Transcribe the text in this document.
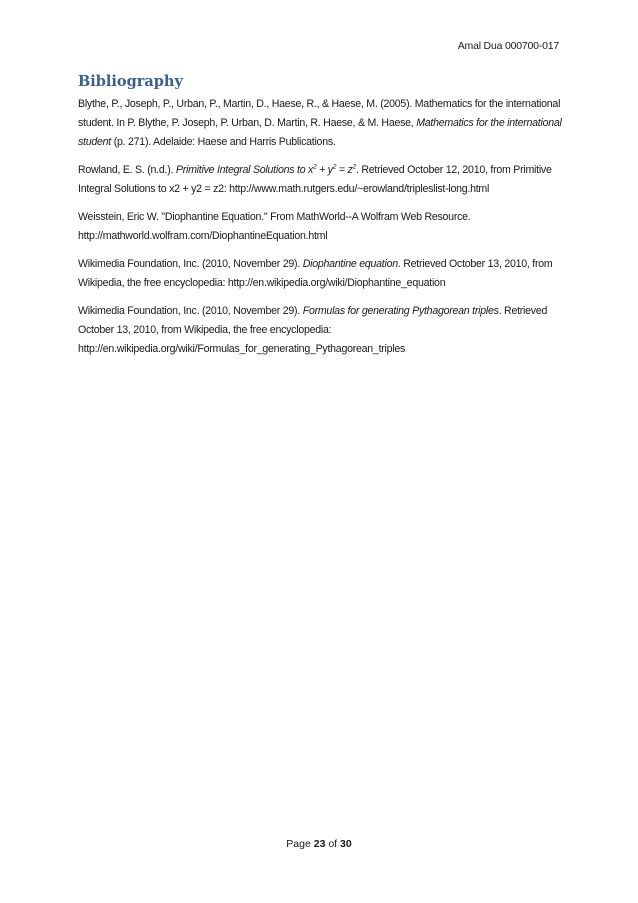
Amal Dua 000700-017
Bibliography

Blythe, P., Joseph, P., Urban, P., Martin, D., Haese, R., & Haese, M. (2005). Mathematics for the international student. In P. Blythe, P. Joseph, P. Urban, D. Martin, R. Haese, & M. Haese, Mathematics for the international student (p. 271). Adelaide: Haese and Harris Publications.

Rowland, E. S. (n.d.). Primitive Integral Solutions to $x^2 + y^2 = z^2$. Retrieved October 12, 2010, from Primitive Integral Solutions to x2 + y2 = z2: http://www.math.rutgers.edu/~erowland/tripleslist-long.html

Weisstein, Eric W. "Diophantine Equation." From MathWorld--A Wolfram Web Resource. http://mathworld.wolfram.com/DiophantineEquation.html

Wikimedia Foundation, Inc. (2010, November 29). Diophantine equation. Retrieved October 13, 2010, from Wikipedia, the free encyclopedia: http://en.wikipedia.org/wiki/Diophantine_equation

Wikimedia Foundation, Inc. (2010, November 29). Formulas for generating Pythagorean triples. Retrieved October 13, 2010, from Wikipedia, the free encyclopedia: http://en.wikipedia.org/wiki/Formulas_for_generating_Pythagorean_triples

Page 23 of 30
